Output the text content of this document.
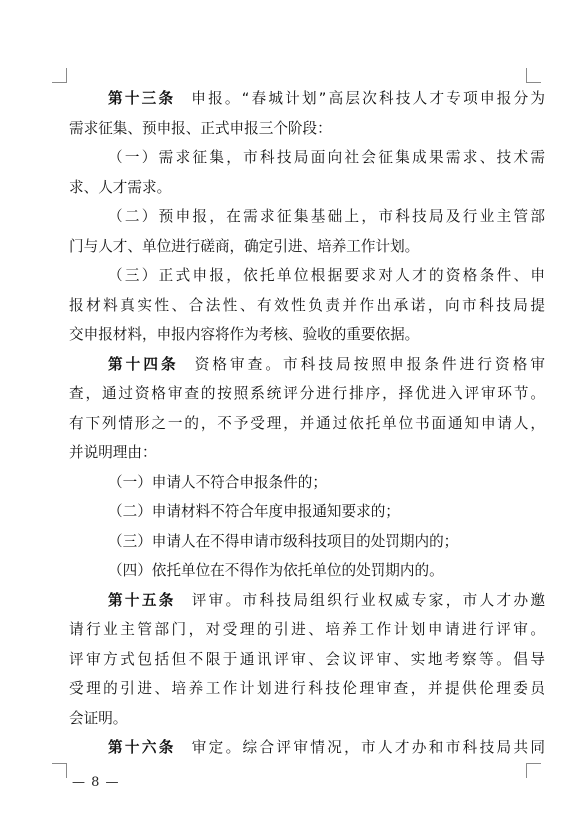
第十三条 申报。“春城计划”高层次科技人才专项申报分为
需求征集、预申报、正式申报三个阶段：
（一）需求征集，市科技局面向社会征集成果需求、技术需
求、人才需求。
（二）预申报，在需求征集基础上，市科技局及行业主管部
门与人才、单位进行磋商，确定引进、培养工作计划。
（三）正式申报，依托单位根据要求对人才的资格条件、申
报材料真实性、合法性、有效性负责并作出承诺，向市科技局提
交申报材料，申报内容将作为考核、验收的重要依据。
第十四条 资格审查。市科技局按照申报条件进行资格审
查，通过资格审查的按照系统评分进行排序，择优进入评审环节。
有下列情形之一的，不予受理，并通过依托单位书面通知申请人，
并说明理由：
（一）申请人不符合申报条件的；
（二）申请材料不符合年度申报通知要求的；
（三）申请人在不得申请市级科技项目的处罚期内的；
（四）依托单位在不得作为依托单位的处罚期内的。
第十五条 评审。市科技局组织行业权威专家，市人才办邀
请行业主管部门，对受理的引进、培养工作计划申请进行评审。
评审方式包括但不限于通讯评审、会议评审、实地考察等。倡导
受理的引进、培养工作计划进行科技伦理审查，并提供伦理委员
会证明。
第十六条 审定。综合评审情况，市人才办和市科技局共同
— 8 —
